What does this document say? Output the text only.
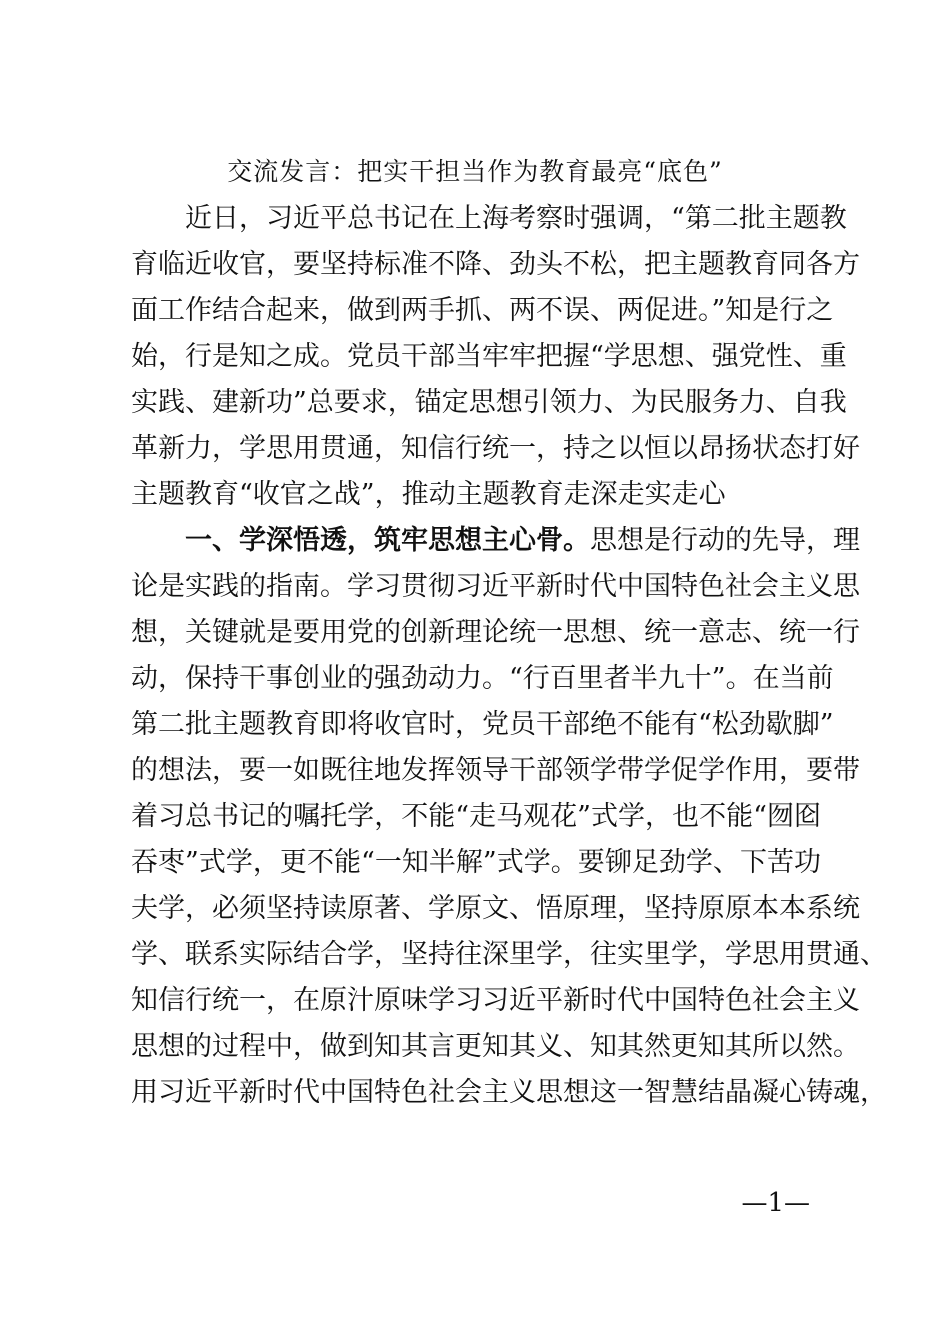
交流发言：把实干担当作为教育最亮“底色”
近日，习近平总书记在上海考察时强调，“第二批主题教
育临近收官，要坚持标准不降、劲头不松，把主题教育同各方
面工作结合起来，做到两手抓、两不误、两促进。”知是行之
始，行是知之成。党员干部当牢牢把握“学思想、强党性、重
实践、建新功”总要求，锚定思想引领力、为民服务力、自我
革新力，学思用贯通，知信行统一，持之以恒以昂扬状态打好
主题教育“收官之战”，推动主题教育走深走实走心
一、学深悟透，筑牢思想主心骨。思想是行动的先导，理
论是实践的指南。学习贯彻习近平新时代中国特色社会主义思
想，关键就是要用党的创新理论统一思想、统一意志、统一行
动，保持干事创业的强劲动力。“行百里者半九十”。在当前
第二批主题教育即将收官时，党员干部绝不能有“松劲歇脚”
的想法，要一如既往地发挥领导干部领学带学促学作用，要带
着习总书记的嘱托学，不能“走马观花”式学，也不能“囫囵
吞枣”式学，更不能“一知半解”式学。要铆足劲学、下苦功
夫学，必须坚持读原著、学原文、悟原理，坚持原原本本系统
学、联系实际结合学，坚持往深里学，往实里学，学思用贯通、
知信行统一，在原汁原味学习习近平新时代中国特色社会主义
思想的过程中，做到知其言更知其义、知其然更知其所以然。
用习近平新时代中国特色社会主义思想这一智慧结晶凝心铸魂，
—1—
